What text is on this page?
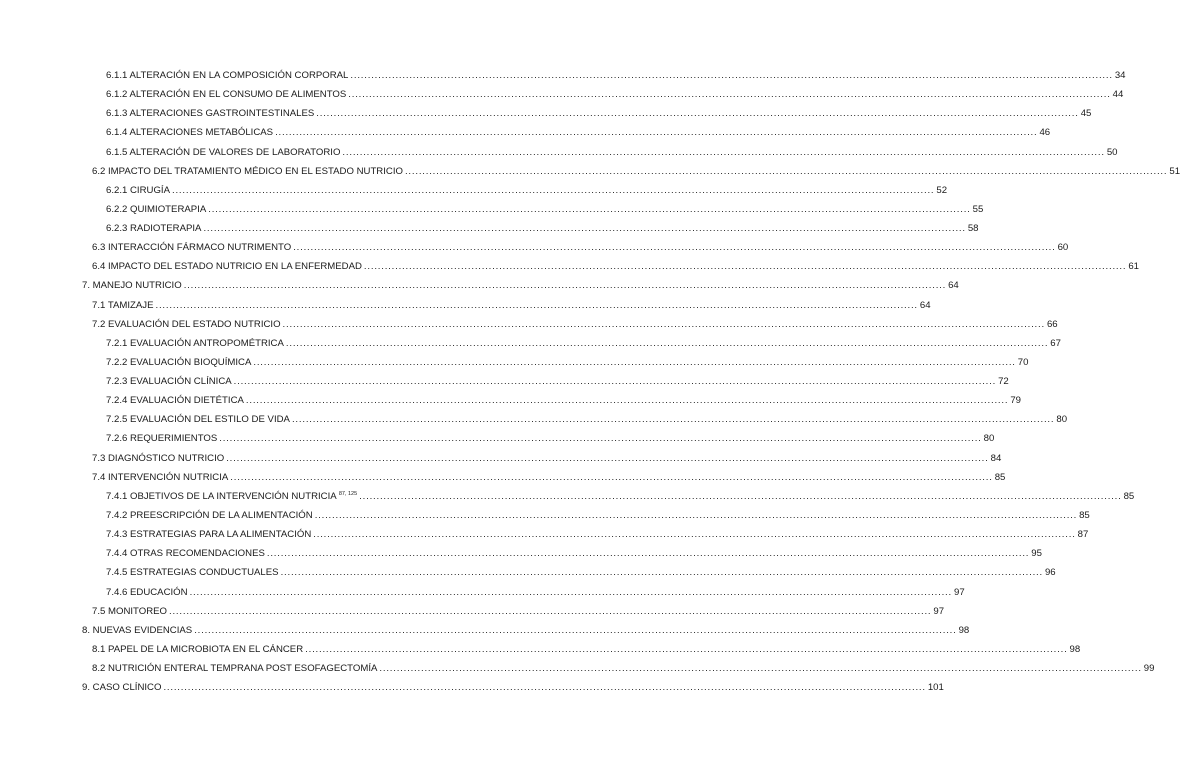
6.1.1 ALTERACIÓN EN LA COMPOSICIÓN CORPORAL ............................................................................................................................................................................................................................ 34
6.1.2 ALTERACIÓN EN EL CONSUMO DE ALIMENTOS ............................................................................................................................................................................................................................ 44
6.1.3 ALTERACIONES GASTROINTESTINALES ............................................................................................................................................................................................................................ 45
6.1.4 ALTERACIONES METABÓLICAS ............................................................................................................................................................................................................................ 46
6.1.5 ALTERACIÓN DE VALORES DE LABORATORIO ............................................................................................................................................................................................................................ 50
6.2 IMPACTO DEL TRATAMIENTO MÉDICO EN EL ESTADO NUTRICIO ............................................................................................................................................................................................................................ 51
6.2.1 CIRUGÍA ............................................................................................................................................................................................................................ 52
6.2.2 QUIMIOTERAPIA ............................................................................................................................................................................................................................ 55
6.2.3 RADIOTERAPIA ............................................................................................................................................................................................................................ 58
6.3 INTERACCIÓN FÁRMACO NUTRIMENTO ............................................................................................................................................................................................................................ 60
6.4 IMPACTO DEL ESTADO NUTRICIO EN LA ENFERMEDAD ............................................................................................................................................................................................................................ 61
7. MANEJO NUTRICIO ............................................................................................................................................................................................................................ 64
7.1 TAMIZAJE ............................................................................................................................................................................................................................ 64
7.2 EVALUACIÓN DEL ESTADO NUTRICIO ............................................................................................................................................................................................................................ 66
7.2.1 EVALUACIÓN ANTROPOMÉTRICA ............................................................................................................................................................................................................................ 67
7.2.2 EVALUACIÓN BIOQUÍMICA ............................................................................................................................................................................................................................ 70
7.2.3 EVALUACIÓN CLÍNICA ............................................................................................................................................................................................................................ 72
7.2.4 EVALUACIÓN DIETÉTICA ............................................................................................................................................................................................................................ 79
7.2.5 EVALUACIÓN DEL ESTILO DE VIDA ............................................................................................................................................................................................................................ 80
7.2.6 REQUERIMIENTOS ............................................................................................................................................................................................................................ 80
7.3 DIAGNÓSTICO NUTRICIO ............................................................................................................................................................................................................................ 84
7.4 INTERVENCIÓN NUTRICIA ............................................................................................................................................................................................................................ 85
7.4.1 OBJETIVOS DE LA INTERVENCIÓN NUTRICIA $^{87, 125}$ ............................................................................................................................................................................................................................ 85
7.4.2 PREESCRIPCIÓN DE LA ALIMENTACIÓN ............................................................................................................................................................................................................................ 85
7.4.3 ESTRATEGIAS PARA LA ALIMENTACIÓN ............................................................................................................................................................................................................................ 87
7.4.4 OTRAS RECOMENDACIONES ............................................................................................................................................................................................................................ 95
7.4.5 ESTRATEGIAS CONDUCTUALES ............................................................................................................................................................................................................................ 96
7.4.6 EDUCACIÓN ............................................................................................................................................................................................................................ 97
7.5 MONITOREO ............................................................................................................................................................................................................................ 97
8. NUEVAS EVIDENCIAS ............................................................................................................................................................................................................................ 98
8.1 PAPEL DE LA MICROBIOTA EN EL CÁNCER ............................................................................................................................................................................................................................ 98
8.2 NUTRICIÓN ENTERAL TEMPRANA POST ESOFAGECTOMÍA ............................................................................................................................................................................................................................ 99
9. CASO CLÍNICO ............................................................................................................................................................................................................................ 101
